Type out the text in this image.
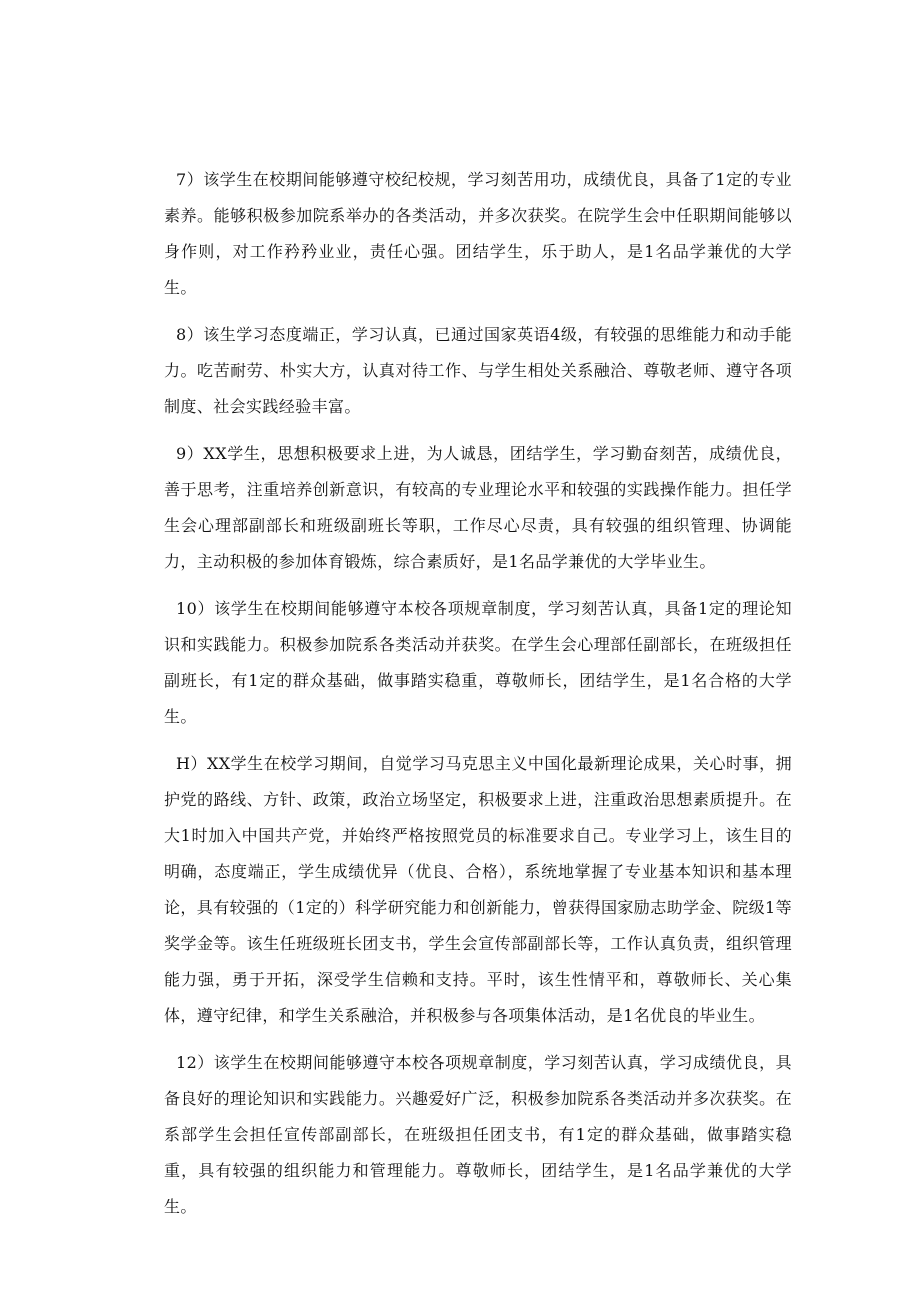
7）该学生在校期间能够遵守校纪校规，学习刻苦用功，成绩优良，具备了1定的专业素养。能够积极参加院系举办的各类活动，并多次获奖。在院学生会中任职期间能够以身作则，对工作矜矜业业，责任心强。团结学生，乐于助人，是1名品学兼优的大学生。

8）该生学习态度端正，学习认真，已通过国家英语4级，有较强的思维能力和动手能力。吃苦耐劳、朴实大方，认真对待工作、与学生相处关系融洽、尊敬老师、遵守各项制度、社会实践经验丰富。

9）XX学生，思想积极要求上进，为人诚恳，团结学生，学习勤奋刻苦，成绩优良，善于思考，注重培养创新意识，有较高的专业理论水平和较强的实践操作能力。担任学生会心理部副部长和班级副班长等职，工作尽心尽责，具有较强的组织管理、协调能力，主动积极的参加体育锻炼，综合素质好，是1名品学兼优的大学毕业生。

10）该学生在校期间能够遵守本校各项规章制度，学习刻苦认真，具备1定的理论知识和实践能力。积极参加院系各类活动并获奖。在学生会心理部任副部长，在班级担任副班长，有1定的群众基础，做事踏实稳重，尊敬师长，团结学生，是1名合格的大学生。

H）XX学生在校学习期间，自觉学习马克思主义中国化最新理论成果，关心时事，拥护党的路线、方针、政策，政治立场坚定，积极要求上进，注重政治思想素质提升。在大1时加入中国共产党，并始终严格按照党员的标准要求自己。专业学习上，该生目的明确，态度端正，学生成绩优异（优良、合格），系统地掌握了专业基本知识和基本理论，具有较强的（1定的）科学研究能力和创新能力，曾获得国家励志助学金、院级1等奖学金等。该生任班级班长团支书，学生会宣传部副部长等，工作认真负责，组织管理能力强，勇于开拓，深受学生信赖和支持。平时，该生性情平和，尊敬师长、关心集体，遵守纪律，和学生关系融洽，并积极参与各项集体活动，是1名优良的毕业生。

12）该学生在校期间能够遵守本校各项规章制度，学习刻苦认真，学习成绩优良，具备良好的理论知识和实践能力。兴趣爱好广泛，积极参加院系各类活动并多次获奖。在系部学生会担任宣传部副部长，在班级担任团支书，有1定的群众基础，做事踏实稳重，具有较强的组织能力和管理能力。尊敬师长，团结学生，是1名品学兼优的大学生。
